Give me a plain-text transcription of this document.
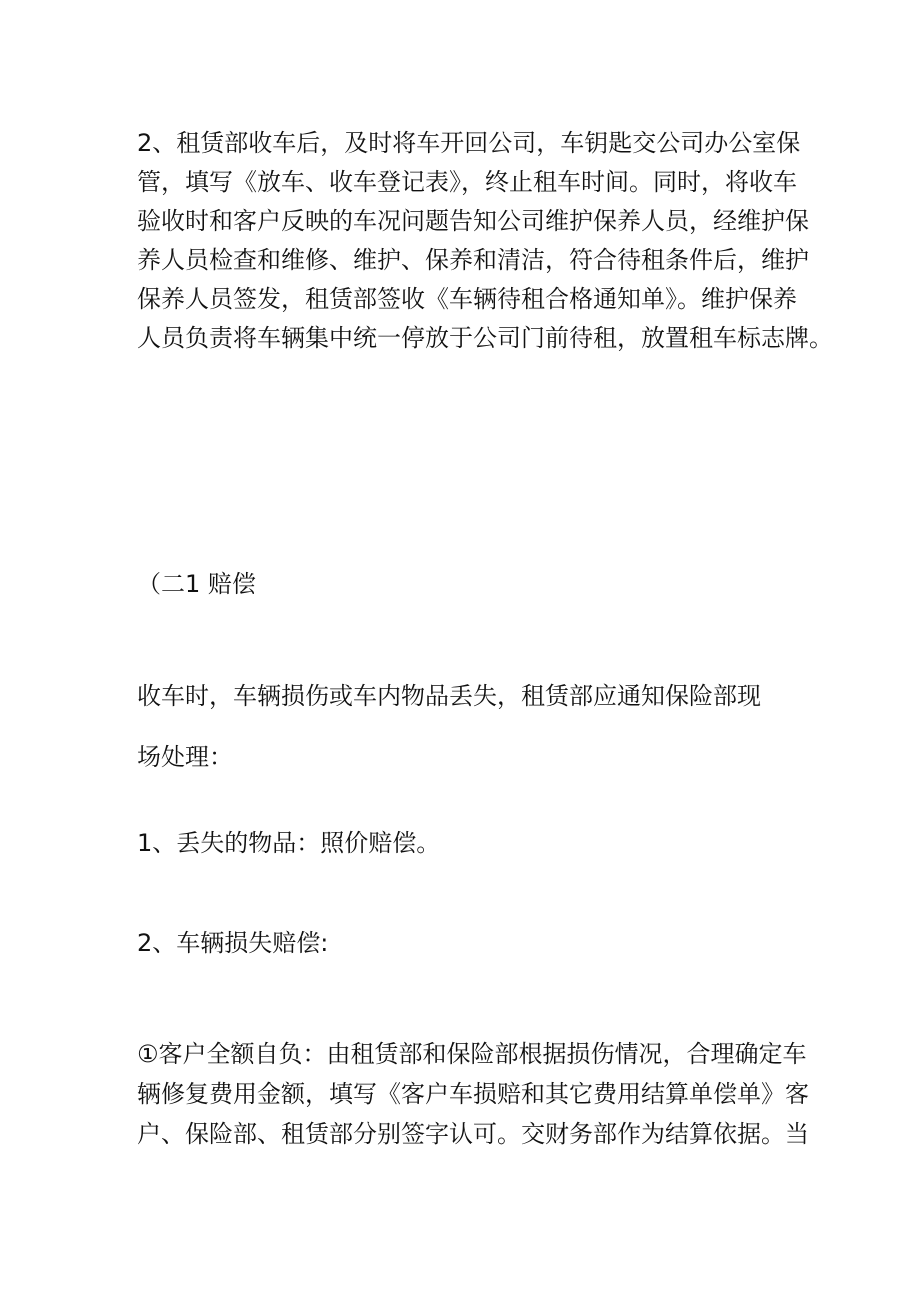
2、租赁部收车后，及时将车开回公司，车钥匙交公司办公室保
管，填写《放车、收车登记表》，终止租车时间。同时，将收车
验收时和客户反映的车况问题告知公司维护保养人员，经维护保
养人员检查和维修、维护、保养和清洁，符合待租条件后，维护
保养人员签发，租赁部签收《车辆待租合格通知单》。维护保养
人员负责将车辆集中统一停放于公司门前待租，放置租车标志牌。

（二1 赔偿

收车时，车辆损伤或车内物品丢失，租赁部应通知保险部现
场处理：

1、丢失的物品：照价赔偿。

2、车辆损失赔偿:

①客户全额自负：由租赁部和保险部根据损伤情况，合理确定车
辆修复费用金额，填写《客户车损赔和其它费用结算单偿单》客
户、保险部、租赁部分别签字认可。交财务部作为结算依据。当
